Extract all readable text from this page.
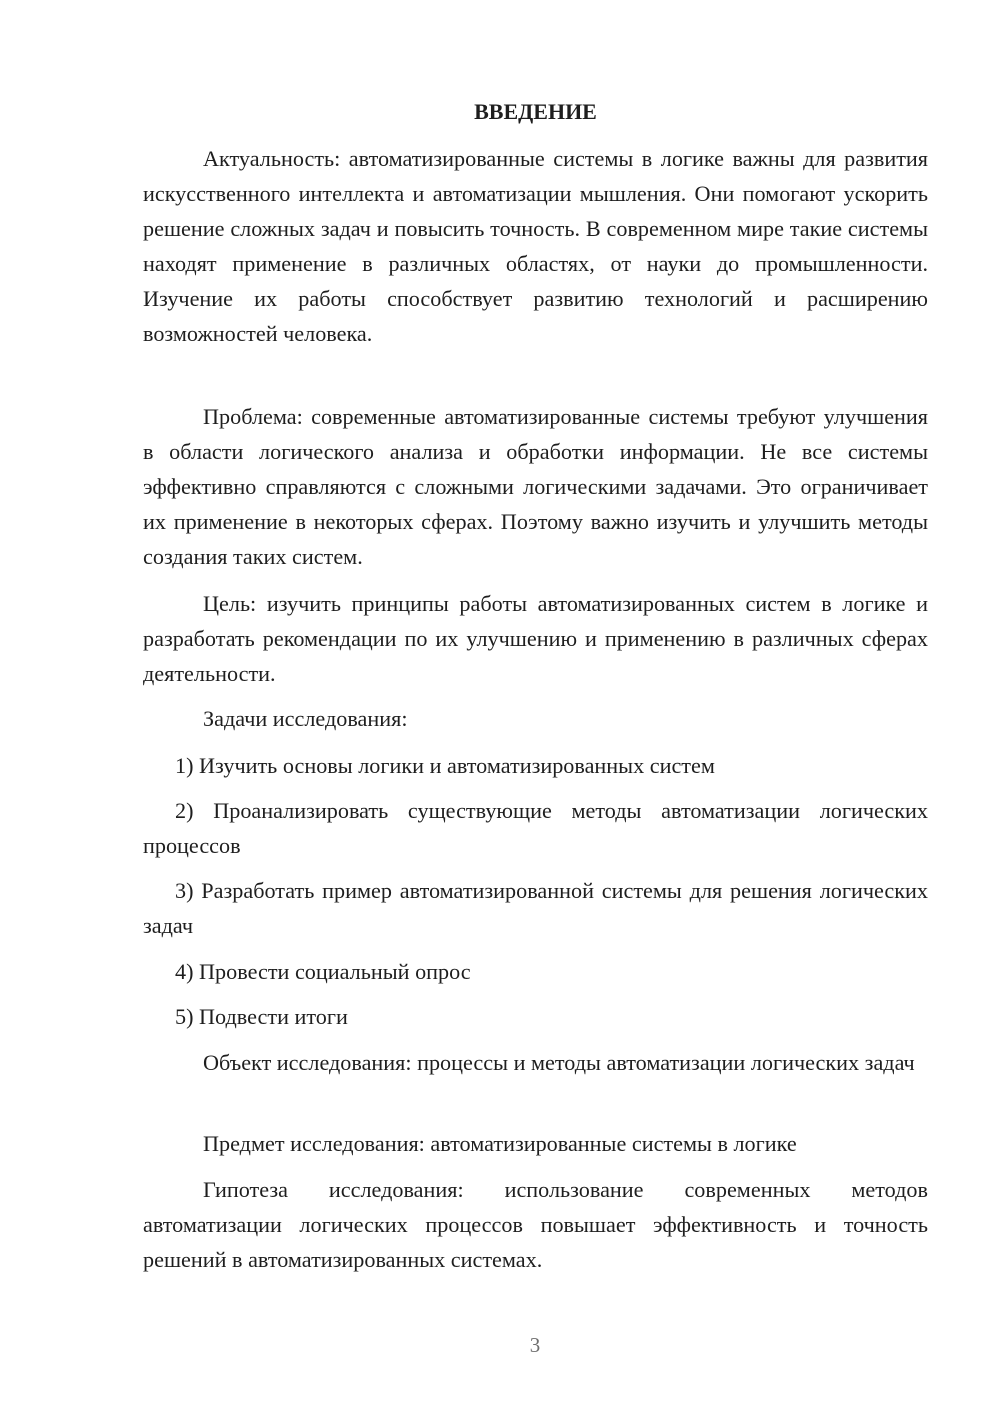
ВВЕДЕНИЕ

Актуальность: автоматизированные системы в логике важны для развития искусственного интеллекта и автоматизации мышления. Они помогают ускорить решение сложных задач и повысить точность. В современном мире такие системы находят применение в различных областях, от науки до промышленности. Изучение их работы способствует развитию технологий и расширению возможностей человека.

Проблема: современные автоматизированные системы требуют улучшения в области логического анализа и обработки информации. Не все системы эффективно справляются с сложными логическими задачами. Это ограничивает их применение в некоторых сферах. Поэтому важно изучить и улучшить методы создания таких систем.

Цель: изучить принципы работы автоматизированных систем в логике и разработать рекомендации по их улучшению и применению в различных сферах деятельности.

Задачи исследования:

1) Изучить основы логики и автоматизированных систем

2) Проанализировать существующие методы автоматизации логических процессов

3) Разработать пример автоматизированной системы для решения логических задач

4) Провести социальный опрос

5) Подвести итоги

Объект исследования: процессы и методы автоматизации логических задач

Предмет исследования: автоматизированные системы в логике

Гипотеза исследования: использование современных методов автоматизации логических процессов повышает эффективность и точность решений в автоматизированных системах.

3
